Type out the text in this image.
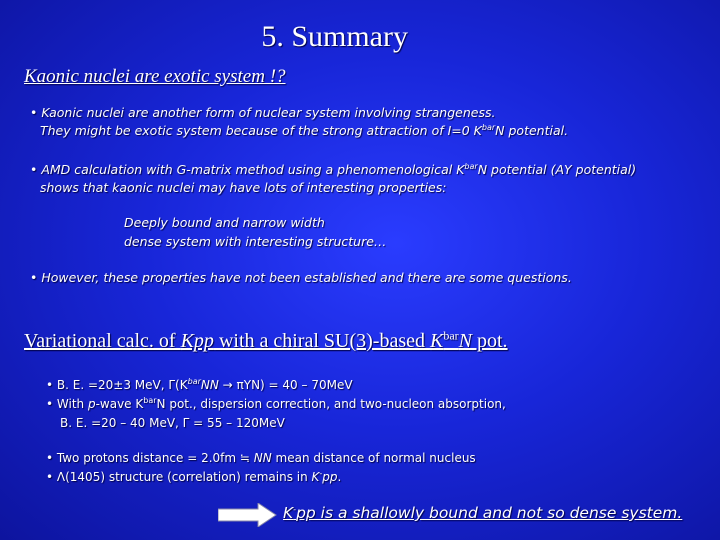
5. Summary
Kaonic nuclei are exotic system !?
• Kaonic nuclei are another form of nuclear system involving strangeness.
They might be exotic system because of the strong attraction of I=0 $K^{bar}N$ potential.
• AMD calculation with G-matrix method using a phenomenological $K^{bar}N$ potential (AY potential)
shows that kaonic nuclei may have lots of interesting properties:
Deeply bound and narrow width
dense system with interesting structure…
• However, these properties have not been established and there are some questions.
Variational calc. of Kpp with a chiral SU(3)-based $K^{bar}N$ pot.
• B. E. =20±3 MeV, $\Gamma(K^{bar}NN \to \pi YN) = 40 - 70MeV$
• With p-wave $K^{bar}N$ pot., dispersion correction, and two-nucleon absorption,
B. E. =20 – 40 MeV, Γ = 55 – 120MeV
• Two protons distance = 2.0fm ≒ NN mean distance of normal nucleus
• Λ(1405) structure (correlation) remains in K-pp.
K-pp is a shallowly bound and not so dense system.
